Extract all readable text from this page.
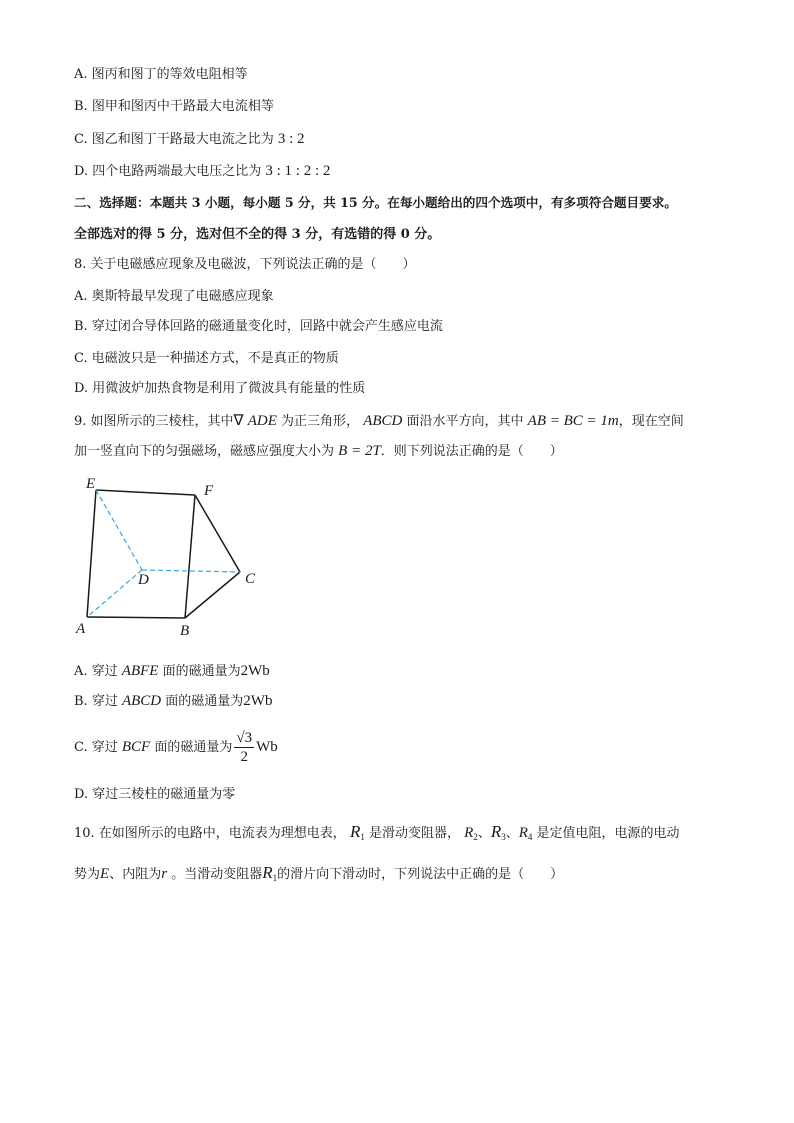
A. 图丙和图丁的等效电阻相等
B. 图甲和图丙中干路最大电流相等
C. 图乙和图丁干路最大电流之比为 3 : 2
D. 四个电路两端最大电压之比为 3 : 1 : 2 : 2
二、选择题：本题共 3 小题，每小题 5 分，共 15 分。在每小题给出的四个选项中，有多项符合题目要求。
全部选对的得 5 分，选对但不全的得 3 分，有选错的得 0 分。
8. 关于电磁感应现象及电磁波，下列说法正确的是（　　）
A. 奥斯特最早发现了电磁感应现象
B. 穿过闭合导体回路的磁通量变化时，回路中就会产生感应电流
C. 电磁波只是一种描述方式，不是真正的物质
D. 用微波炉加热食物是利用了微波具有能量的性质
9. 如图所示的三棱柱，其中∇ ADE 为正三角形， ABCD 面沿水平方向，其中 AB = BC = 1m，现在空间
加一竖直向下的匀强磁场，磁感应强度大小为 B = 2T．则下列说法正确的是（　　）
E	F
D	C
A	B
A. 穿过 ABFE 面的磁通量为2Wb
B. 穿过 ABCD 面的磁通量为2Wb
C. 穿过 BCF 面的磁通量为 $\frac{√3}{2}$ Wb
D. 穿过三棱柱的磁通量为零
10. 在如图所示的电路中，电流表为理想电表， $R_1$ 是滑动变阻器， $R_2$、$R_3$、$R_4$ 是定值电阻，电源的电动
势为E、内阻为r 。当滑动变阻器$R_1$的滑片向下滑动时，下列说法中正确的是（　　）
